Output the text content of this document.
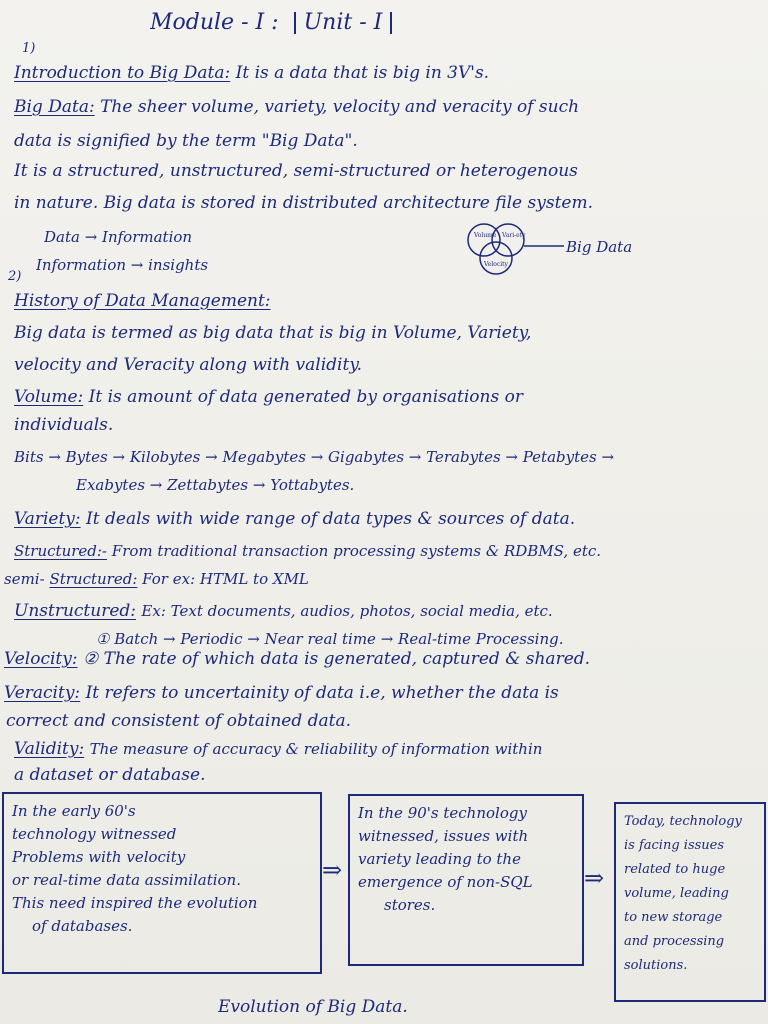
Module - I : Unit - I
1)
Introduction to Big Data: It is a data that is big in 3V's.
Big Data: The sheer volume, variety, velocity and veracity of such
data is signified by the term "Big Data".
It is a structured, unstructured, semi-structured or heterogenous
in nature. Big data is stored in distributed architecture file system.
Data → Information
Information → insights
Volume Vari-ety
Velocity
Big Data
2)
History of Data Management:
Big data is termed as big data that is big in Volume, Variety,
velocity and Veracity along with validity.
Volume: It is amount of data generated by organisations or
individuals.
Bits → Bytes → Kilobytes → Megabytes → Gigabytes → Terabytes → Petabytes →
Exabytes → Zettabytes → Yottabytes.
Variety: It deals with wide range of data types & sources of data.
Structured:- From traditional transaction processing systems & RDBMS, etc.
semi- Structured: For ex: HTML to XML
Unstructured: Ex: Text documents, audios, photos, social media, etc.
① Batch → Periodic → Near real time → Real-time Processing.
Velocity: ② The rate of which data is generated, captured & shared.
Veracity: It refers to uncertainity of data i.e, whether the data is
correct and consistent of obtained data.
Validity: The measure of accuracy & reliability of information within
a dataset or database.
In the early 60's
technology witnessed
Problems with velocity
or real-time data assimilation.
This need inspired the evolution
of databases.
⇒
In the 90's technology
witnessed, issues with
variety leading to the
emergence of non-SQL
stores.
⇒
Today, technology
is facing issues
related to huge
volume, leading
to new storage
and processing
solutions.
Evolution of Big Data.
